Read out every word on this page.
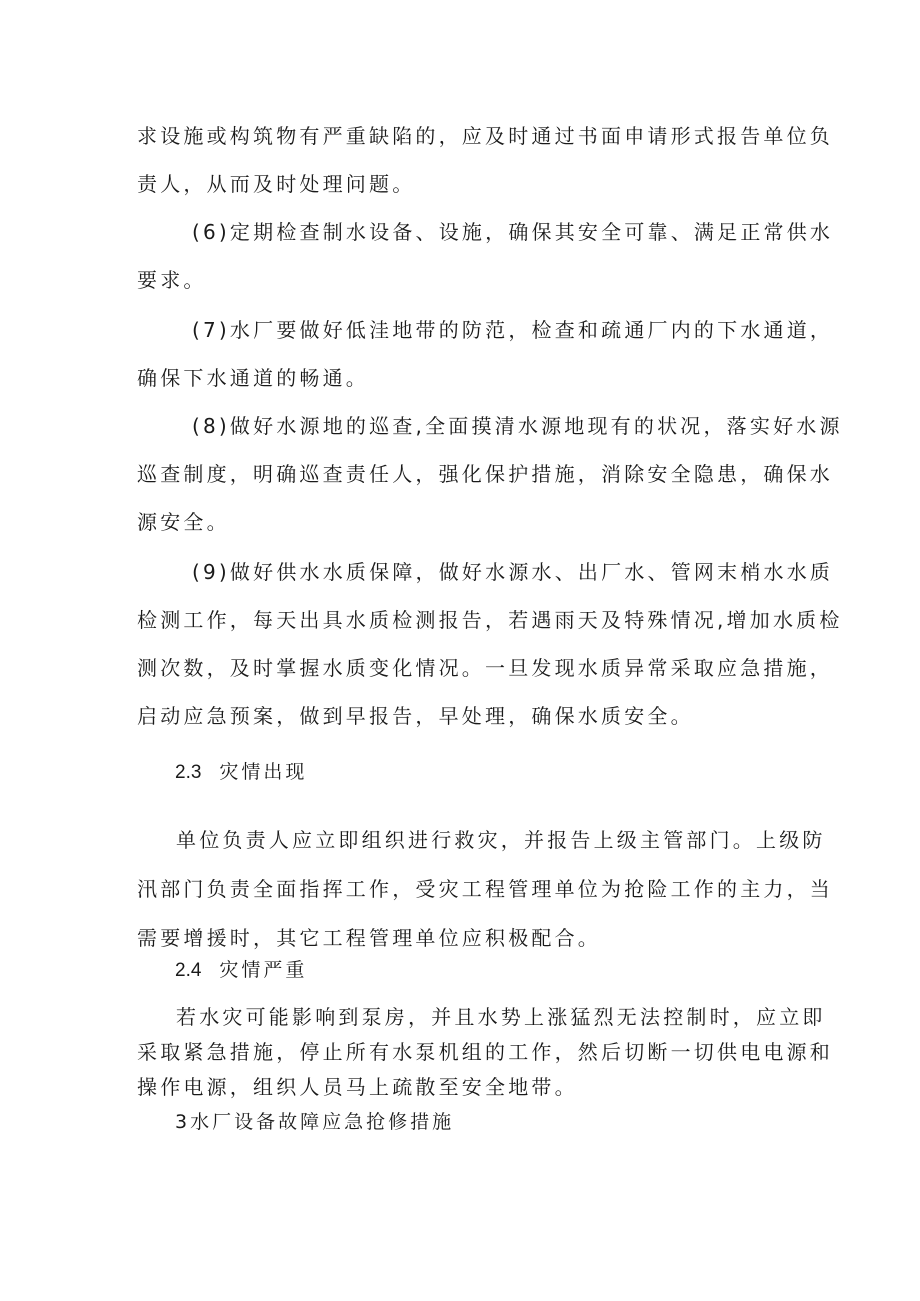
求设施或构筑物有严重缺陷的，应及时通过书面申请形式报告单位负
责人，从而及时处理问题。
(6)定期检查制水设备、设施，确保其安全可靠、满足正常供水
要求。
(7)水厂要做好低洼地带的防范，检查和疏通厂内的下水通道，
确保下水通道的畅通。
(8)做好水源地的巡查,全面摸清水源地现有的状况，落实好水源
巡查制度，明确巡查责任人，强化保护措施，消除安全隐患，确保水
源安全。
(9)做好供水水质保障，做好水源水、出厂水、管网末梢水水质
检测工作，每天出具水质检测报告，若遇雨天及特殊情况,增加水质检
测次数，及时掌握水质变化情况。一旦发现水质异常采取应急措施，
启动应急预案，做到早报告，早处理，确保水质安全。
2.3 灾情出现
单位负责人应立即组织进行救灾，并报告上级主管部门。上级防
汛部门负责全面指挥工作，受灾工程管理单位为抢险工作的主力，当
需要增援时，其它工程管理单位应积极配合。
2.4 灾情严重
若水灾可能影响到泵房，并且水势上涨猛烈无法控制时，应立即
采取紧急措施，停止所有水泵机组的工作，然后切断一切供电电源和
操作电源，组织人员马上疏散至安全地带。
3水厂设备故障应急抢修措施
